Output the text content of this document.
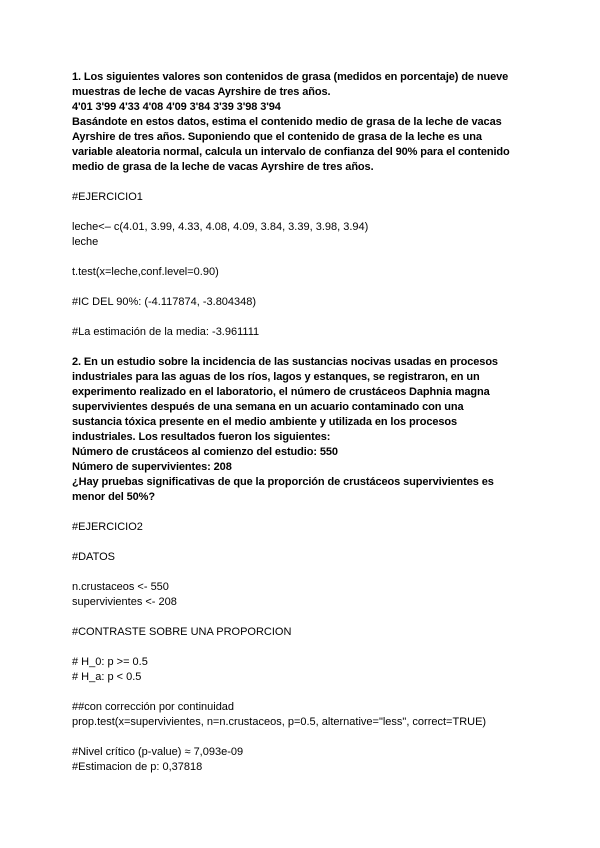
1. Los siguientes valores son contenidos de grasa (medidos en porcentaje) de nueve

muestras de leche de vacas Ayrshire de tres años.

4'01 3'99 4'33 4'08 4'09 3'84 3'39 3'98 3'94

Basándote en estos datos, estima el contenido medio de grasa de la leche de vacas

Ayrshire de tres años. Suponiendo que el contenido de grasa de la leche es una

variable aleatoria normal, calcula un intervalo de confianza del 90% para el contenido

medio de grasa de la leche de vacas Ayrshire de tres años.

#EJERCICIO1

leche<– c(4.01, 3.99, 4.33, 4.08, 4.09, 3.84, 3.39, 3.98, 3.94)

leche

t.test(x=leche,conf.level=0.90)

#IC DEL 90%: (-4.117874, -3.804348)

#La estimación de la media: -3.961111

2. En un estudio sobre la incidencia de las sustancias nocivas usadas en procesos

industriales para las aguas de los ríos, lagos y estanques, se registraron, en un

experimento realizado en el laboratorio, el número de crustáceos Daphnia magna

supervivientes después de una semana en un acuario contaminado con una

sustancia tóxica presente en el medio ambiente y utilizada en los procesos

industriales. Los resultados fueron los siguientes:

Número de crustáceos al comienzo del estudio: 550

Número de supervivientes: 208

¿Hay pruebas significativas de que la proporción de crustáceos supervivientes es

menor del 50%?

#EJERCICIO2

#DATOS

n.crustaceos <- 550

supervivientes <- 208

#CONTRASTE SOBRE UNA PROPORCION

# H_0: p >= 0.5

# H_a: p < 0.5

##con corrección por continuidad

prop.test(x=supervivientes, n=n.crustaceos, p=0.5, alternative="less", correct=TRUE)

#Nivel crítico (p-value) ≈ 7,093e-09

#Estimacion de p: 0,37818
